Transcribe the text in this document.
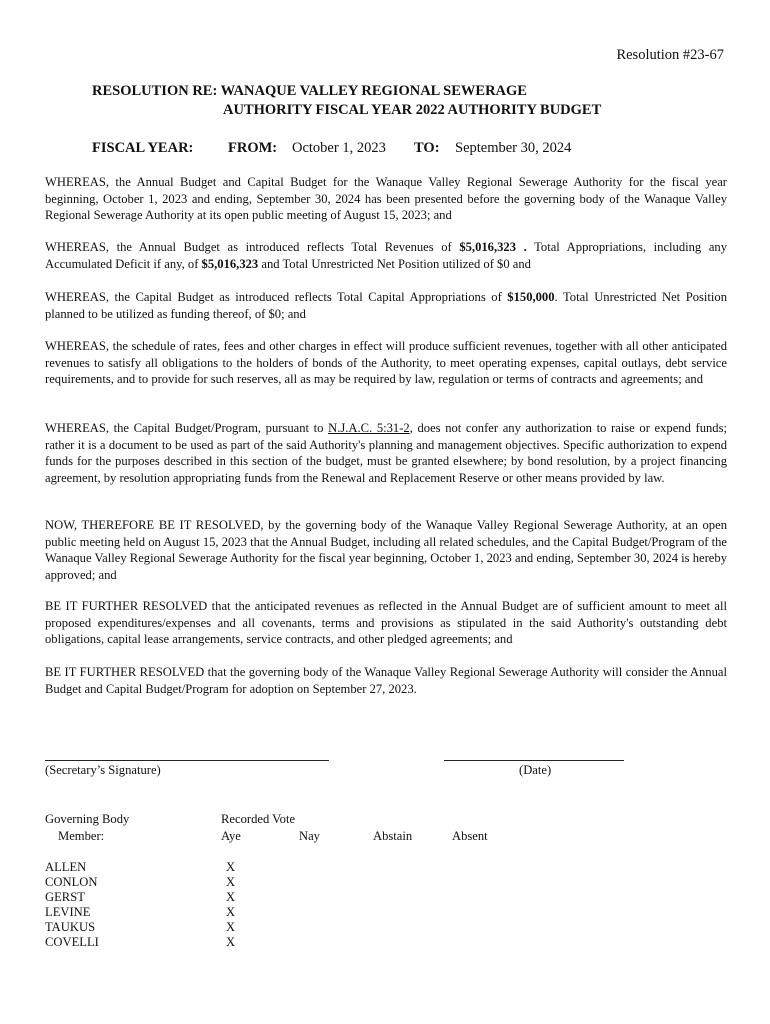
Resolution #23-67
RESOLUTION RE: WANAQUE VALLEY REGIONAL SEWERAGE
AUTHORITY FISCAL YEAR 2022 AUTHORITY BUDGET
FISCAL YEAR: FROM: October 1, 2023 TO: September 30, 2024

WHEREAS, the Annual Budget and Capital Budget for the Wanaque Valley Regional Sewerage Authority for the fiscal year beginning, October 1, 2023 and ending, September 30, 2024 has been presented before the governing body of the Wanaque Valley Regional Sewerage Authority at its open public meeting of August 15, 2023; and

WHEREAS, the Annual Budget as introduced reflects Total Revenues of $5,016,323 . Total Appropriations, including any Accumulated Deficit if any, of $5,016,323 and Total Unrestricted Net Position utilized of $0 and

WHEREAS, the Capital Budget as introduced reflects Total Capital Appropriations of $150,000. Total Unrestricted Net Position planned to be utilized as funding thereof, of $0; and

WHEREAS, the schedule of rates, fees and other charges in effect will produce sufficient revenues, together with all other anticipated revenues to satisfy all obligations to the holders of bonds of the Authority, to meet operating expenses, capital outlays, debt service requirements, and to provide for such reserves, all as may be required by law, regulation or terms of contracts and agreements; and

WHEREAS, the Capital Budget/Program, pursuant to N.J.A.C. 5:31-2, does not confer any authorization to raise or expend funds; rather it is a document to be used as part of the said Authority's planning and management objectives. Specific authorization to expend funds for the purposes described in this section of the budget, must be granted elsewhere; by bond resolution, by a project financing agreement, by resolution appropriating funds from the Renewal and Replacement Reserve or other means provided by law.

NOW, THEREFORE BE IT RESOLVED, by the governing body of the Wanaque Valley Regional Sewerage Authority, at an open public meeting held on August 15, 2023 that the Annual Budget, including all related schedules, and the Capital Budget/Program of the Wanaque Valley Regional Sewerage Authority for the fiscal year beginning, October 1, 2023 and ending, September 30, 2024 is hereby approved; and

BE IT FURTHER RESOLVED that the anticipated revenues as reflected in the Annual Budget are of sufficient amount to meet all proposed expenditures/expenses and all covenants, terms and provisions as stipulated in the said Authority's outstanding debt obligations, capital lease arrangements, service contracts, and other pledged agreements; and

BE IT FURTHER RESOLVED that the governing body of the Wanaque Valley Regional Sewerage Authority will consider the Annual Budget and Capital Budget/Program for adoption on September 27, 2023.

(Secretary’s Signature)	(Date)
Governing Body
Member:
Recorded Vote
Aye	Nay	Abstain	Absent
ALLEN	X
CONLON	X
GERST	X
LEVINE	X
TAUKUS	X
COVELLI	X
